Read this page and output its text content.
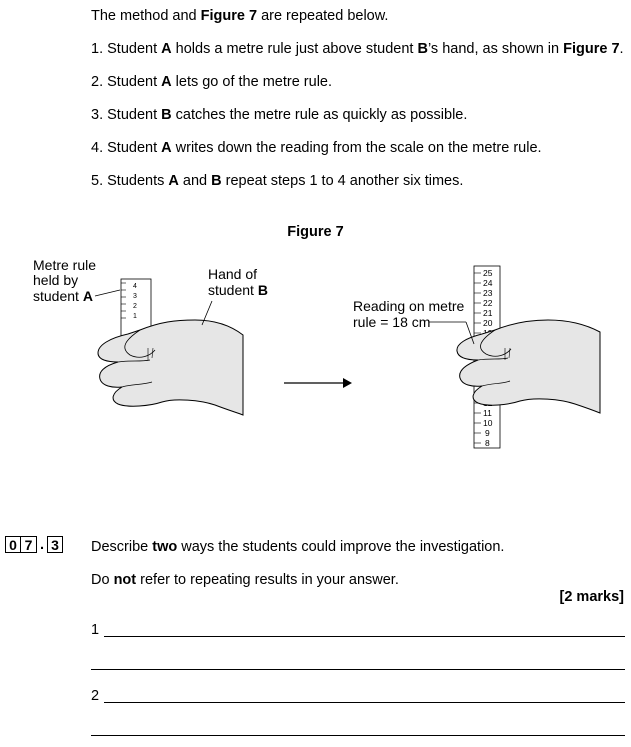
The method and Figure 7 are repeated below.

1. Student A holds a metre rule just above student B’s hand, as shown in Figure 7.

2. Student A lets go of the metre rule.

3. Student B catches the metre rule as quickly as possible.

4. Student A writes down the reading from the scale on the metre rule.

5. Students A and B repeat steps 1 to 4 another six times.

Figure 7
Metre rule
held by
student A
4
3
2
1
Hand of
student B
25
24
23
22
21
20
11
10
9
8
Reading on metre
rule = 18 cm
0 7 . 3 Describe two ways the students could improve the investigation.

Do not refer to repeating results in your answer.

[2 marks]
1
2
